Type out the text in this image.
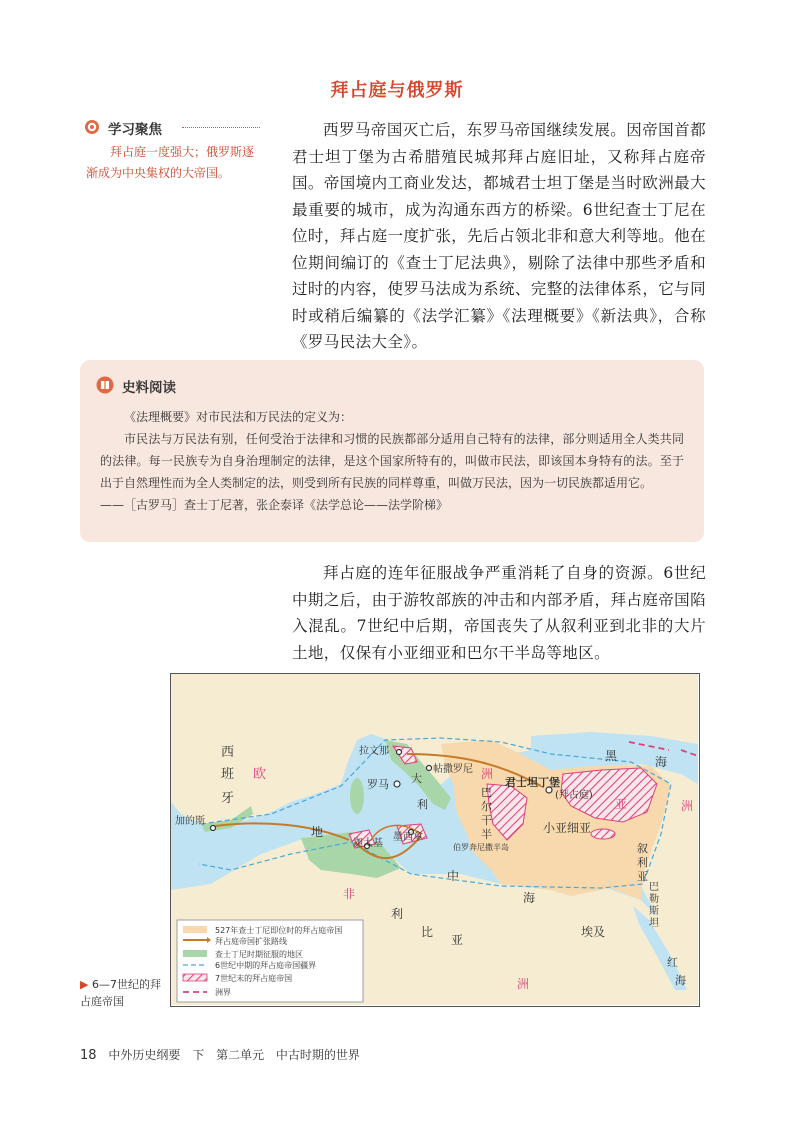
拜占庭与俄罗斯
学习聚焦
拜占庭一度强大；俄罗斯逐渐成为中央集权的大帝国。

西罗马帝国灭亡后，东罗马帝国继续发展。因帝国首都君士坦丁堡为古希腊殖民城邦拜占庭旧址，又称拜占庭帝国。帝国境内工商业发达，都城君士坦丁堡是当时欧洲最大最重要的城市，成为沟通东西方的桥梁。6世纪查士丁尼在位时，拜占庭一度扩张，先后占领北非和意大利等地。他在位期间编订的《查士丁尼法典》，剔除了法律中那些矛盾和过时的内容，使罗马法成为系统、完整的法律体系，它与同时或稍后编纂的《法学汇纂》《法理概要》《新法典》，合称《罗马民法大全》。

史料阅读

《法理概要》对市民法和万民法的定义为：

市民法与万民法有别，任何受治于法律和习惯的民族都部分适用自己特有的法律，部分则适用全人类共同的法律。每一民族专为自身治理制定的法律，是这个国家所特有的，叫做市民法，即该国本身特有的法。至于出于自然理性而为全人类制定的法，则受到所有民族的同样尊重，叫做万民法，因为一切民族都适用它。

——［古罗马］查士丁尼著，张企泰译《法学总论——法学阶梯》

拜占庭的连年征服战争严重消耗了自身的资源。6世纪中期之后，由于游牧部族的冲击和内部矛盾，拜占庭帝国陷入混乱。7世纪中后期，帝国丧失了从叙利亚到北非的大片土地，仅保有小亚细亚和巴尔干半岛等地区。

西
班
牙
欧
加的斯
拉文那
帖撒罗尼
罗马 大
利
洲
巴
尔
干
半
黑	海
君士坦丁堡
(拜占庭)
亚	洲
小亚细亚
叙
利
亚
巴
勒
斯
坦
迦太基
墨西拿
伯罗奔尼撒半岛
地
中
海
非
利
比
亚
埃及
红
海
洲
527年查士丁尼即位时的拜占庭帝国
拜占庭帝国扩张路线
查士丁尼时期征服的地区
6世纪中期的拜占庭帝国疆界
7世纪末的拜占庭帝国
洲界
▶ 6—7世纪的拜占庭帝国
18 中外历史纲要 下 第二单元 中古时期的世界
